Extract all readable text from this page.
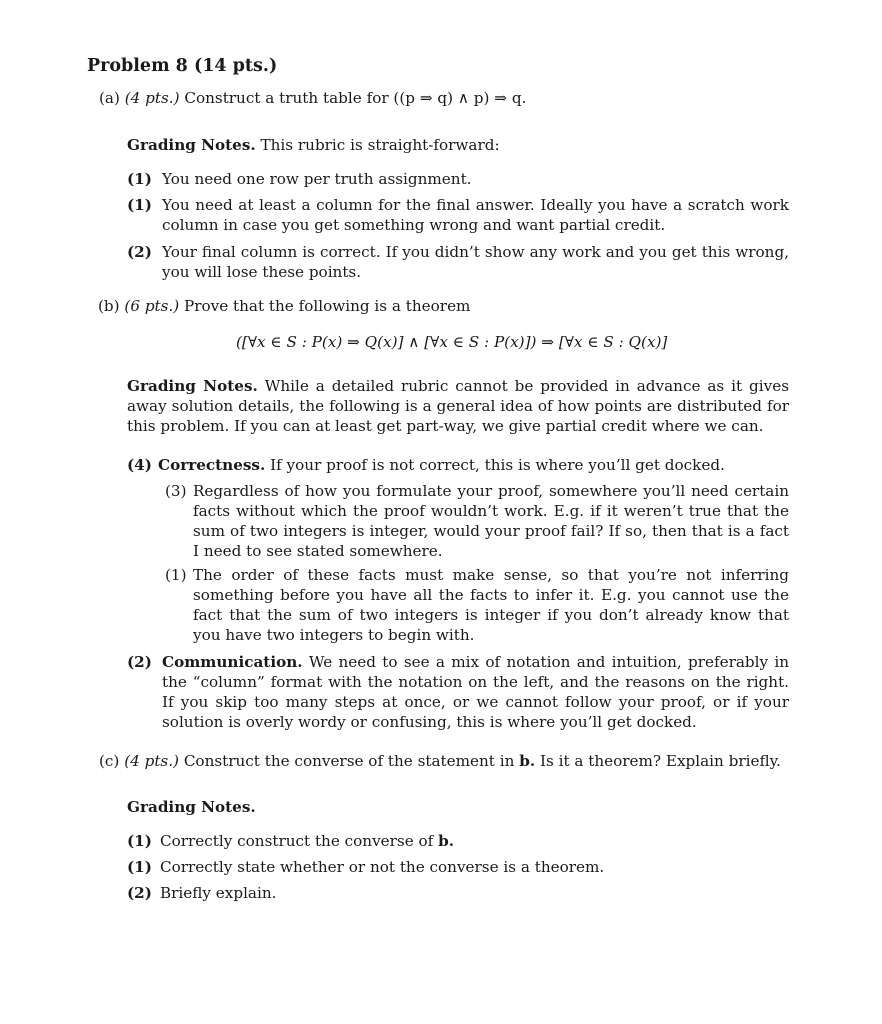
Problem 8 (14 pts.)
(a) (4 pts.) Construct a truth table for ((p ⇒ q) ∧ p) ⇒ q.
Grading Notes. This rubric is straight-forward:
(1) You need one row per truth assignment.
(1) You need at least a column for the final answer. Ideally you have a scratch work column in case you get something wrong and want partial credit.
(2) Your final column is correct. If you didn’t show any work and you get this wrong, you will lose these points.
(b) (6 pts.) Prove that the following is a theorem
([∀x ∈ S : P(x) ⇒ Q(x)] ∧ [∀x ∈ S : P(x)]) ⇒ [∀x ∈ S : Q(x)]
Grading Notes. While a detailed rubric cannot be provided in advance as it gives away solution details, the following is a general idea of how points are distributed for this problem. If you can at least get part-way, we give partial credit where we can.
(4) Correctness. If your proof is not correct, this is where you’ll get docked.
(3) Regardless of how you formulate your proof, somewhere you’ll need certain facts without which the proof wouldn’t work. E.g. if it weren’t true that the sum of two integers is integer, would your proof fail? If so, then that is a fact I need to see stated somewhere.
(1) The order of these facts must make sense, so that you’re not inferring something before you have all the facts to infer it. E.g. you cannot use the fact that the sum of two integers is integer if you don’t already know that you have two integers to begin with.
(2) Communication. We need to see a mix of notation and intuition, preferably in the “column” format with the notation on the left, and the reasons on the right. If you skip too many steps at once, or we cannot follow your proof, or if your solution is overly wordy or confusing, this is where you’ll get docked.
(c) (4 pts.) Construct the converse of the statement in b. Is it a theorem? Explain briefly.
Grading Notes.
(1) Correctly construct the converse of b.
(1) Correctly state whether or not the converse is a theorem.
(2) Briefly explain.
